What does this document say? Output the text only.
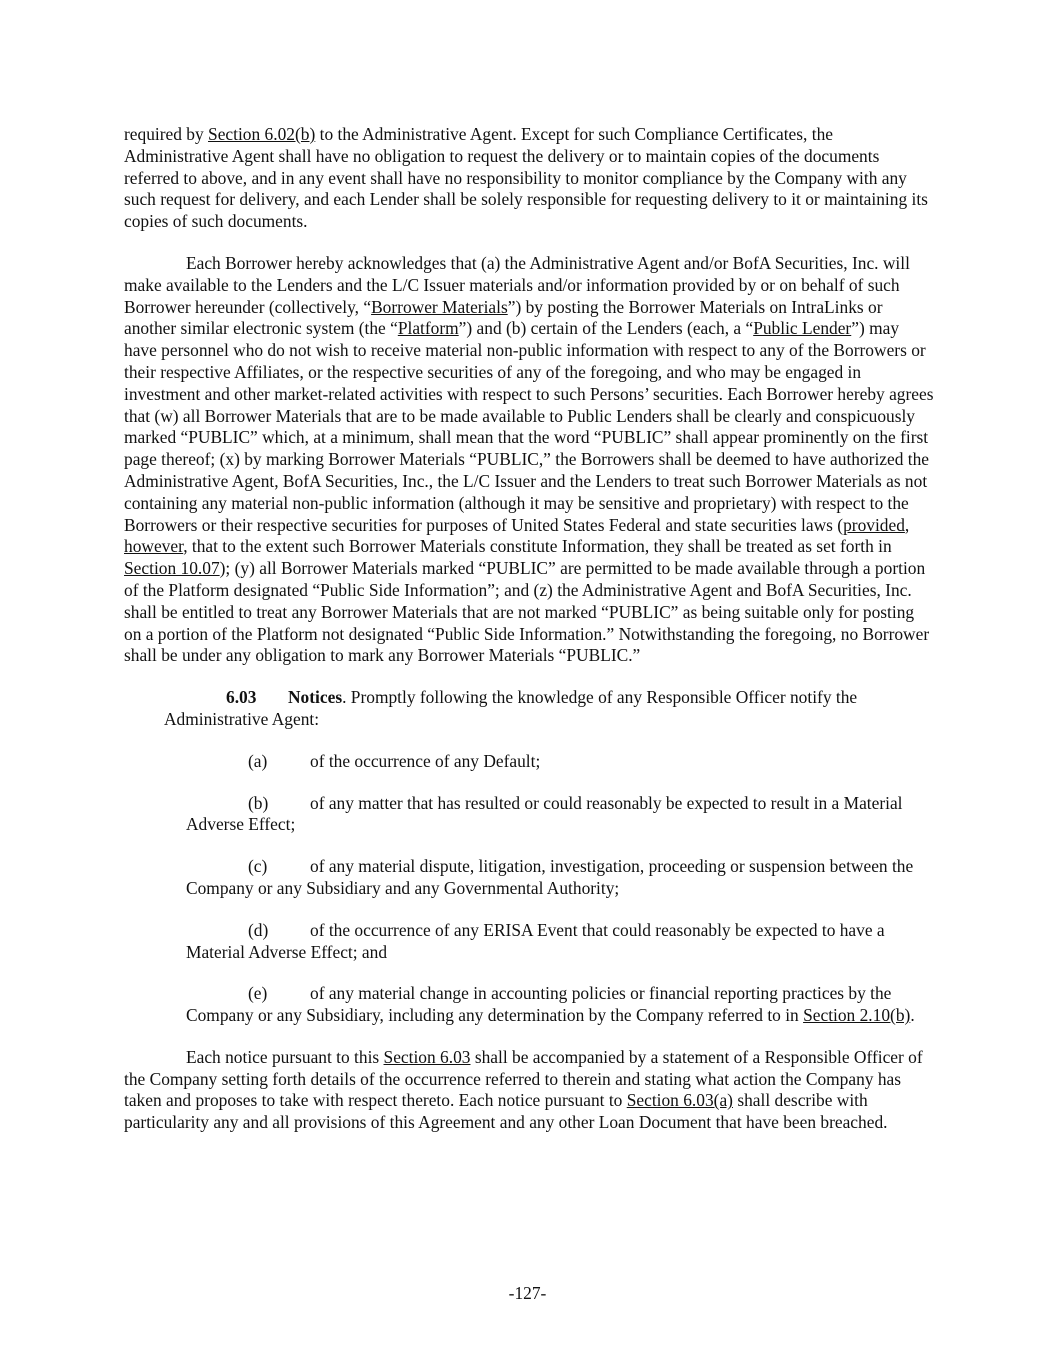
required by Section 6.02(b) to the Administrative Agent. Except for such Compliance Certificates, the Administrative Agent shall have no obligation to request the delivery or to maintain copies of the documents referred to above, and in any event shall have no responsibility to monitor compliance by the Company with any such request for delivery, and each Lender shall be solely responsible for requesting delivery to it or maintaining its copies of such documents.

Each Borrower hereby acknowledges that (a) the Administrative Agent and/or BofA Securities, Inc. will make available to the Lenders and the L/C Issuer materials and/or information provided by or on behalf of such Borrower hereunder (collectively, “Borrower Materials”) by posting the Borrower Materials on IntraLinks or another similar electronic system (the “Platform”) and (b) certain of the Lenders (each, a “Public Lender”) may have personnel who do not wish to receive material non-public information with respect to any of the Borrowers or their respective Affiliates, or the respective securities of any of the foregoing, and who may be engaged in investment and other market-related activities with respect to such Persons’ securities. Each Borrower hereby agrees that (w) all Borrower Materials that are to be made available to Public Lenders shall be clearly and conspicuously marked “PUBLIC” which, at a minimum, shall mean that the word “PUBLIC” shall appear prominently on the first page thereof; (x) by marking Borrower Materials “PUBLIC,” the Borrowers shall be deemed to have authorized the Administrative Agent, BofA Securities, Inc., the L/C Issuer and the Lenders to treat such Borrower Materials as not containing any material non-public information (although it may be sensitive and proprietary) with respect to the Borrowers or their respective securities for purposes of United States Federal and state securities laws (provided, however, that to the extent such Borrower Materials constitute Information, they shall be treated as set forth in Section 10.07); (y) all Borrower Materials marked “PUBLIC” are permitted to be made available through a portion of the Platform designated “Public Side Information”; and (z) the Administrative Agent and BofA Securities, Inc. shall be entitled to treat any Borrower Materials that are not marked “PUBLIC” as being suitable only for posting on a portion of the Platform not designated “Public Side Information.” Notwithstanding the foregoing, no Borrower shall be under any obligation to mark any Borrower Materials “PUBLIC.”

6.03 Notices. Promptly following the knowledge of any Responsible Officer notify the Administrative Agent:

(a) of the occurrence of any Default;

(b) of any matter that has resulted or could reasonably be expected to result in a Material Adverse Effect;

(c) of any material dispute, litigation, investigation, proceeding or suspension between the Company or any Subsidiary and any Governmental Authority;

(d) of the occurrence of any ERISA Event that could reasonably be expected to have a Material Adverse Effect; and

(e) of any material change in accounting policies or financial reporting practices by the Company or any Subsidiary, including any determination by the Company referred to in Section 2.10(b).

Each notice pursuant to this Section 6.03 shall be accompanied by a statement of a Responsible Officer of the Company setting forth details of the occurrence referred to therein and stating what action the Company has taken and proposes to take with respect thereto. Each notice pursuant to Section 6.03(a) shall describe with particularity any and all provisions of this Agreement and any other Loan Document that have been breached.

-127-
